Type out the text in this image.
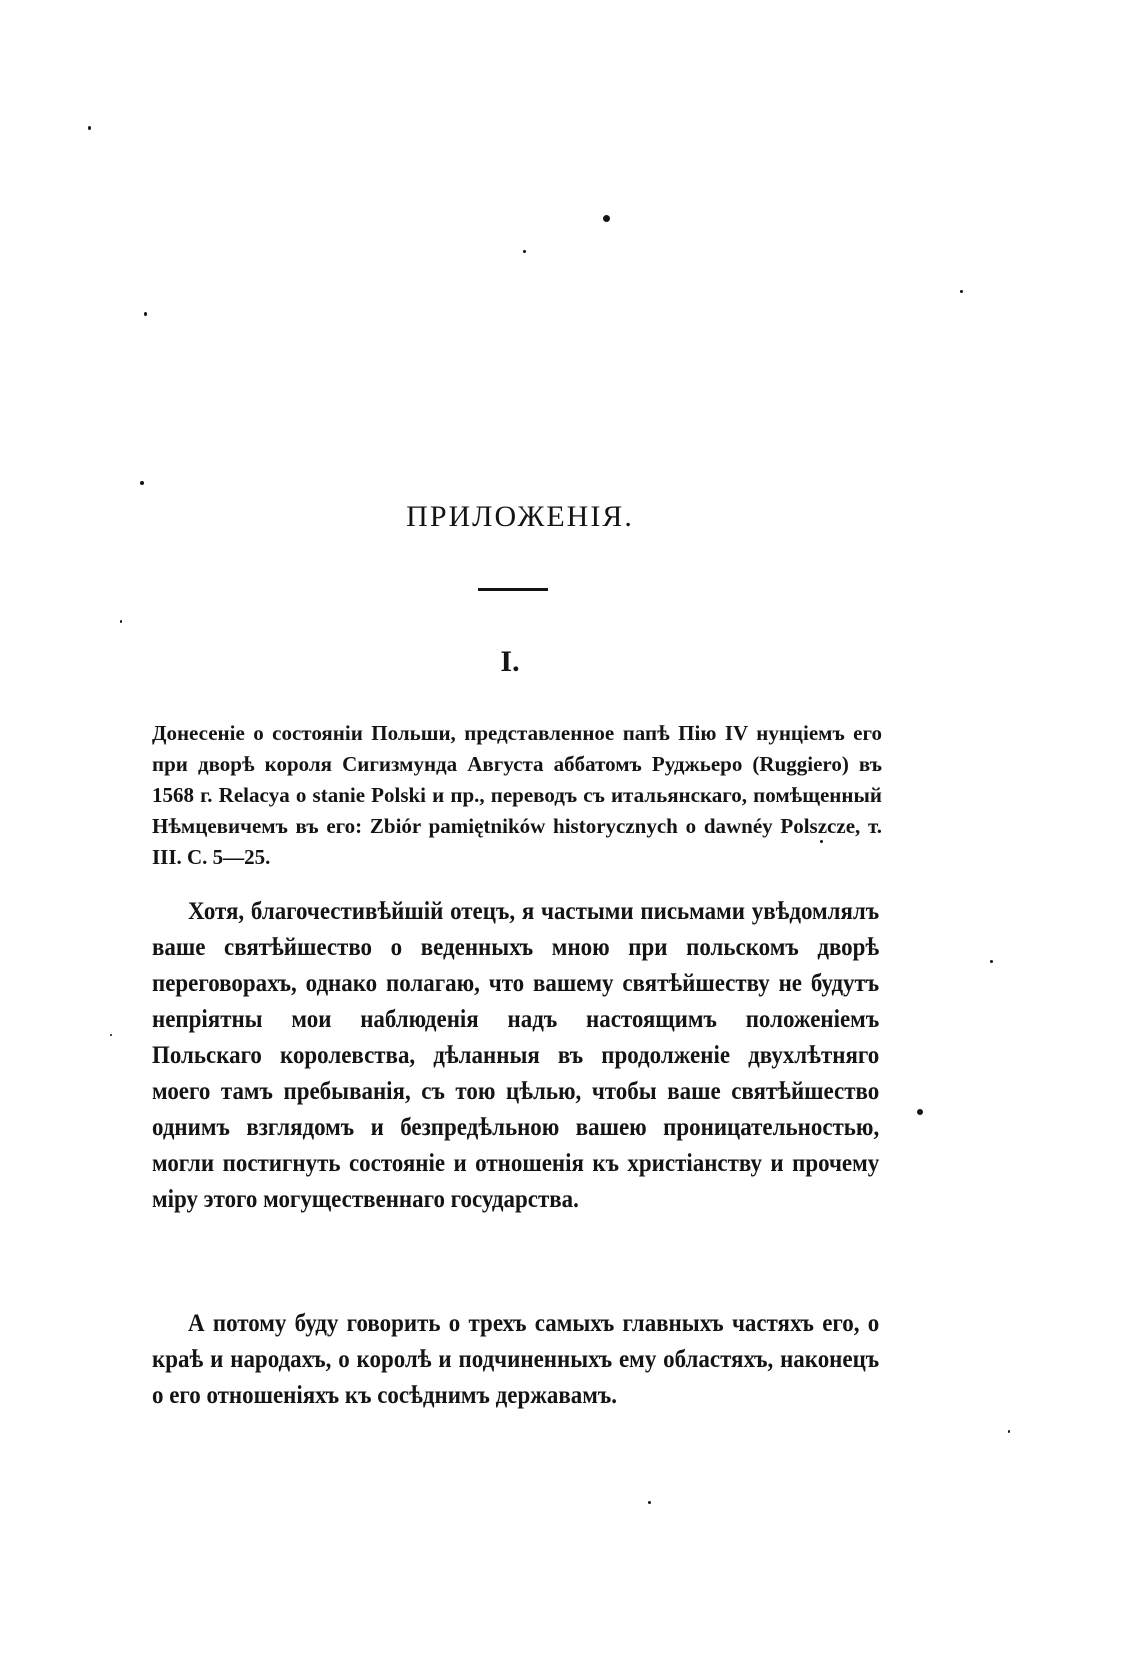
ПРИЛОЖЕНІЯ.
I.

Донесеніе о состояніи Польши, представленное папѣ Пію IV нунціемъ его при дворѣ короля Сигизмунда Августа аббатомъ Руджьеро (Ruggiero) въ 1568 г. Relacya o stanie Polski и пр., переводъ съ итальянскаго, помѣщенный Нѣмцевичемъ въ его: Zbiór pamiętników historycznych o dawnéy Polszcze, т. III. С. 5—25.

Хотя, благочестивѣйшій отецъ, я частыми письмами увѣдомлялъ ваше святѣйшество о веденныхъ мною при польскомъ дворѣ переговорахъ, однако полагаю, что вашему святѣйшеству не будутъ непріятны мои наблюденія надъ настоящимъ положеніемъ Польскаго королевства, дѣланныя въ продолженіе двухлѣтняго моего тамъ пребыванія, съ тою цѣлью, чтобы ваше святѣйшество однимъ взглядомъ и безпредѣльною вашею проницательностью, могли постигнуть состояніе и отношенія къ христіанству и прочему міру этого могущественнаго государства.

А потому буду говорить о трехъ самыхъ главныхъ частяхъ его, о краѣ и народахъ, о королѣ и подчиненныхъ ему областяхъ, наконецъ о его отношеніяхъ къ сосѣднимъ державамъ.
